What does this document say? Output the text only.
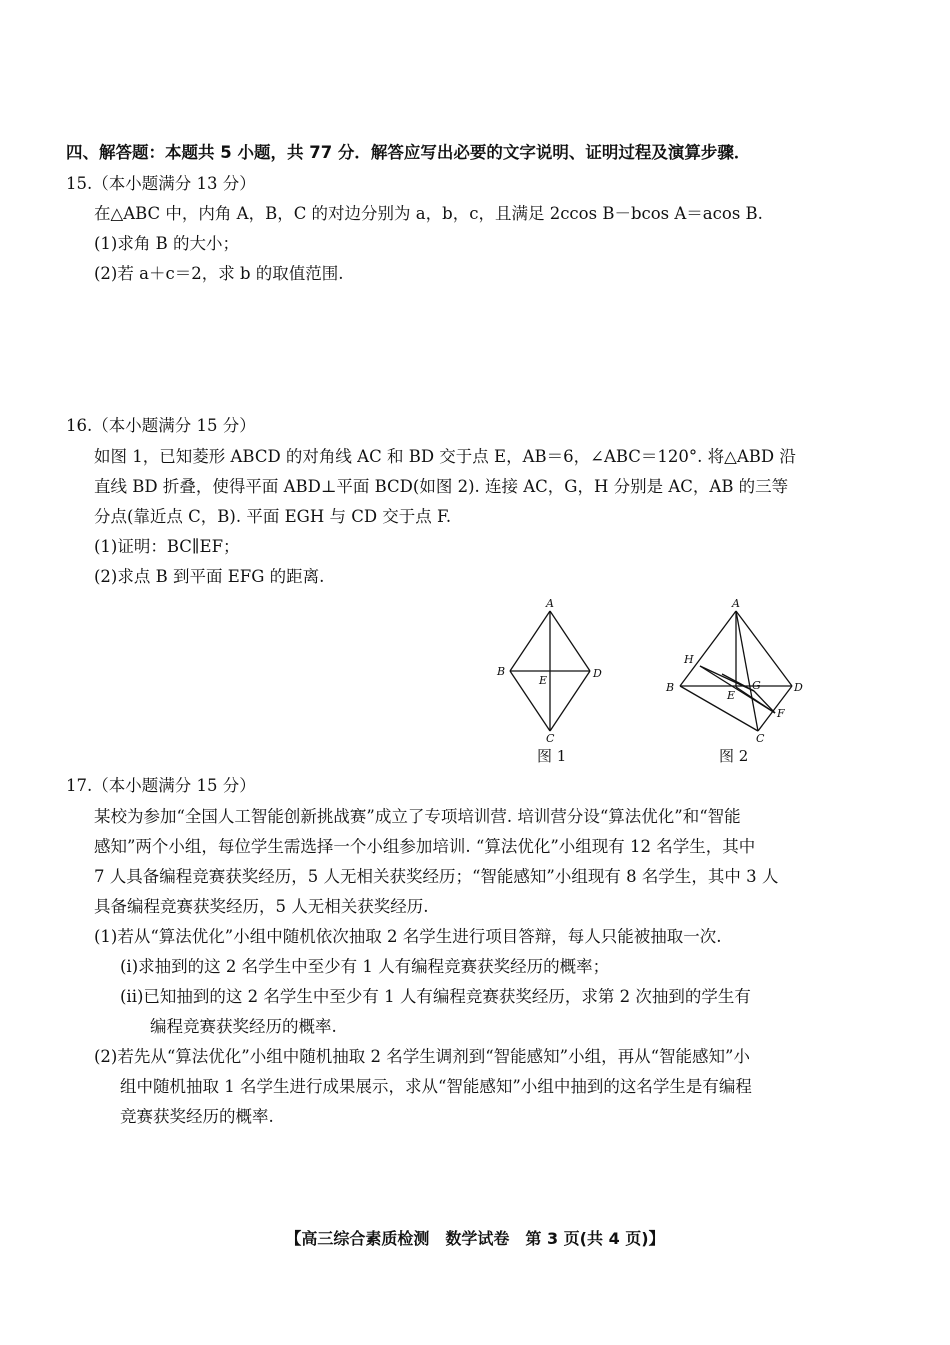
四、解答题：本题共 5 小题，共 77 分．解答应写出必要的文字说明、证明过程及演算步骤．
15.（本小题满分 13 分）
在△ABC 中，内角 A，B，C 的对边分别为 a，b，c，且满足 2ccos B－bcos A＝acos B.
(1)求角 B 的大小；
(2)若 a＋c＝2，求 b 的取值范围.
16.（本小题满分 15 分）
如图 1，已知菱形 ABCD 的对角线 AC 和 BD 交于点 E，AB＝6，∠ABC＝120°. 将△ABD 沿
直线 BD 折叠，使得平面 ABD⊥平面 BCD(如图 2). 连接 AC，G，H 分别是 AC，AB 的三等
分点(靠近点 C，B). 平面 EGH 与 CD 交于点 F.
(1)证明：BC∥EF；
(2)求点 B 到平面 EFG 的距离.
A
B	D
E
C
图 1
A
H
B	G	D
E
F
C
图 2
17.（本小题满分 15 分）
某校为参加“全国人工智能创新挑战赛”成立了专项培训营. 培训营分设“算法优化”和“智能
感知”两个小组，每位学生需选择一个小组参加培训. “算法优化”小组现有 12 名学生，其中
7 人具备编程竞赛获奖经历，5 人无相关获奖经历；“智能感知”小组现有 8 名学生，其中 3 人
具备编程竞赛获奖经历，5 人无相关获奖经历.
(1)若从“算法优化”小组中随机依次抽取 2 名学生进行项目答辩，每人只能被抽取一次.
(i)求抽到的这 2 名学生中至少有 1 人有编程竞赛获奖经历的概率；
(ii)已知抽到的这 2 名学生中至少有 1 人有编程竞赛获奖经历，求第 2 次抽到的学生有
编程竞赛获奖经历的概率.
(2)若先从“算法优化”小组中随机抽取 2 名学生调剂到“智能感知”小组，再从“智能感知”小
组中随机抽取 1 名学生进行成果展示，求从“智能感知”小组中抽到的这名学生是有编程
竞赛获奖经历的概率.
【高三综合素质检测　数学试卷　第 3 页(共 4 页)】
